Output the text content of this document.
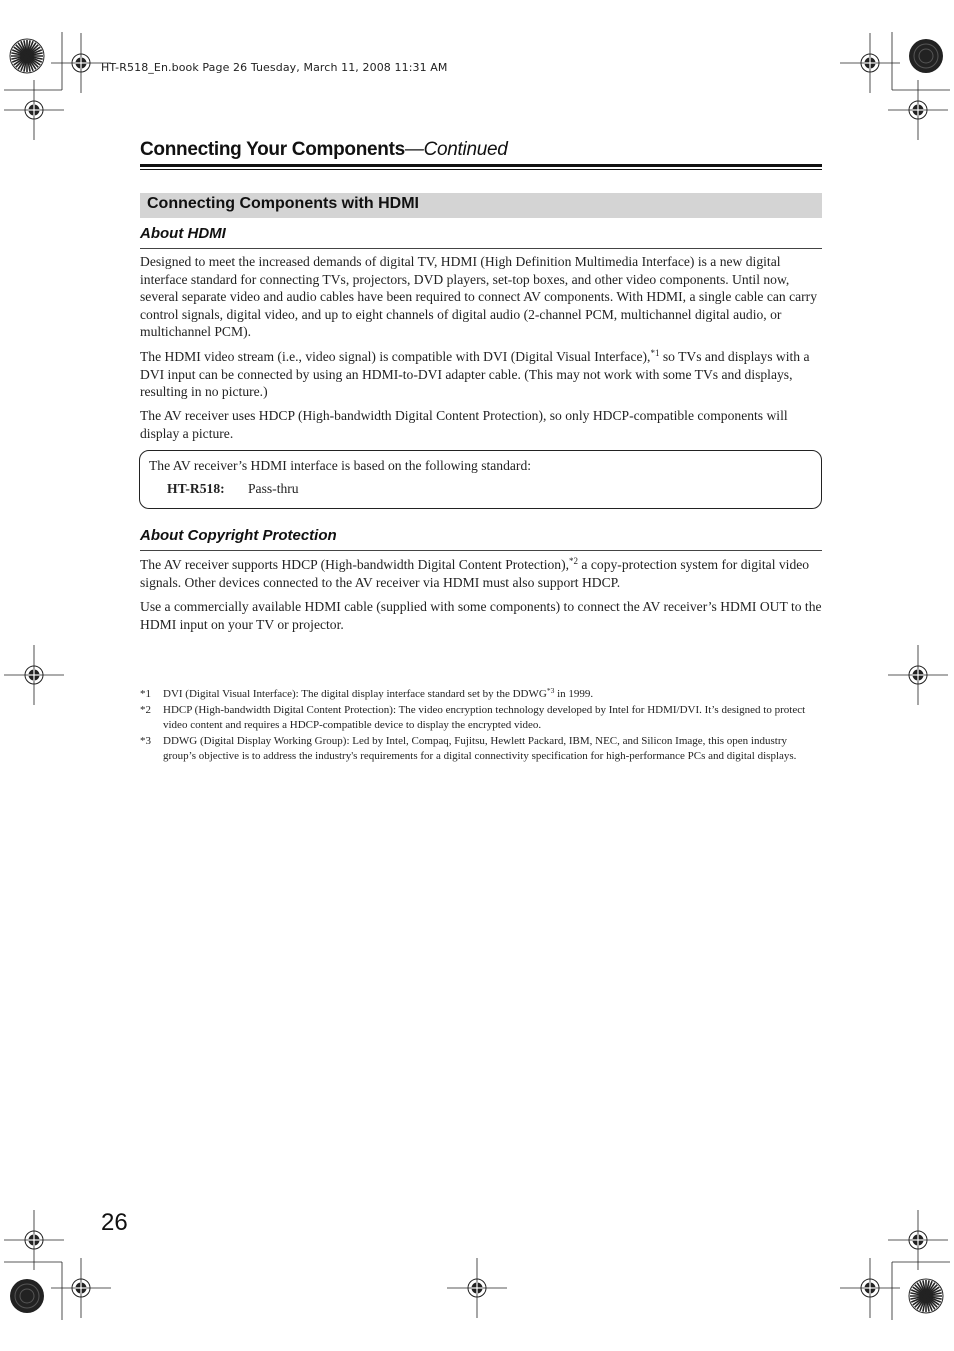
HT-R518_En.book Page 26 Tuesday, March 11, 2008 11:31 AM
Connecting Your Components—Continued
Connecting Components with HDMI
About HDMI

Designed to meet the increased demands of digital TV, HDMI (High Definition Multimedia Interface) is a new digital interface standard for connecting TVs, projectors, DVD players, set-top boxes, and other video components. Until now, several separate video and audio cables have been required to connect AV components. With HDMI, a single cable can carry control signals, digital video, and up to eight channels of digital audio (2-channel PCM, multichannel digital audio, or multichannel PCM).

The HDMI video stream (i.e., video signal) is compatible with DVI (Digital Visual Interface),$^{*1}$ so TVs and displays with a DVI input can be connected by using an HDMI-to-DVI adapter cable. (This may not work with some TVs and displays, resulting in no picture.)

The AV receiver uses HDCP (High-bandwidth Digital Content Protection), so only HDCP-compatible components will display a picture.

The AV receiver’s HDMI interface is based on the following standard:
HT-R518: Pass-thru
About Copyright Protection

The AV receiver supports HDCP (High-bandwidth Digital Content Protection),$^{*2}$ a copy-protection system for digital video signals. Other devices connected to the AV receiver via HDMI must also support HDCP.

Use a commercially available HDMI cable (supplied with some components) to connect the AV receiver’s HDMI OUT to the HDMI input on your TV or projector.

*1 DVI (Digital Visual Interface): The digital display interface standard set by the DDWG$^{*3}$ in 1999.
*2 HDCP (High-bandwidth Digital Content Protection): The video encryption technology developed by Intel for HDMI/DVI. It’s designed to protect video content and requires a HDCP-compatible device to display the encrypted video.
*3 DDWG (Digital Display Working Group): Led by Intel, Compaq, Fujitsu, Hewlett Packard, IBM, NEC, and Silicon Image, this open industry group’s objective is to address the industry's requirements for a digital connectivity specification for high-performance PCs and digital displays.
26
